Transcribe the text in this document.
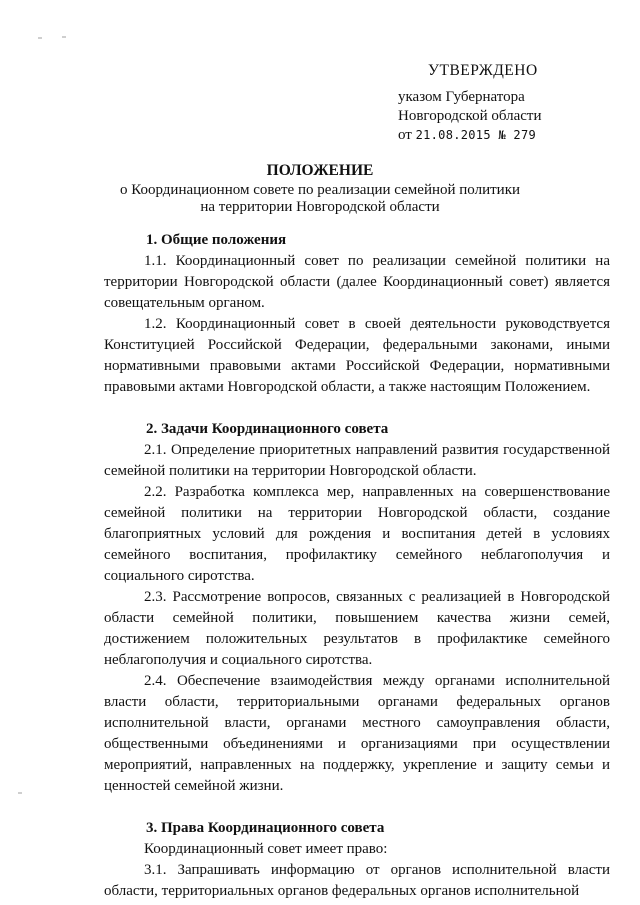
УТВЕРЖДЕНО
указом Губернатора
Новгородской области
от 21.08.2015 № 279
ПОЛОЖЕНИЕ
о Координационном совете по реализации семейной политики
на территории Новгородской области
1. Общие положения
1.1. Координационный совет по реализации семейной политики на территории Новгородской области (далее Координационный совет) является совещательным органом.
1.2. Координационный совет в своей деятельности руководствуется Конституцией Российской Федерации, федеральными законами, иными нормативными правовыми актами Российской Федерации, нормативными правовыми актами Новгородской области, а также настоящим Положением.
2. Задачи Координационного совета
2.1. Определение приоритетных направлений развития государственной семейной политики на территории Новгородской области.
2.2. Разработка комплекса мер, направленных на совершенствование семейной политики на территории Новгородской области, создание благоприятных условий для рождения и воспитания детей в условиях семейного воспитания, профилактику семейного неблагополучия и социального сиротства.
2.3. Рассмотрение вопросов, связанных с реализацией в Новгородской области семейной политики, повышением качества жизни семей, достижением положительных результатов в профилактике семейного неблагополучия и социального сиротства.
2.4. Обеспечение взаимодействия между органами исполнительной власти области, территориальными органами федеральных органов исполнительной власти, органами местного самоуправления области, общественными объединениями и организациями при осуществлении мероприятий, направленных на поддержку, укрепление и защиту семьи и ценностей семейной жизни.
3. Права Координационного совета
Координационный совет имеет право:
3.1. Запрашивать информацию от органов исполнительной власти области, территориальных органов федеральных органов исполнительной
